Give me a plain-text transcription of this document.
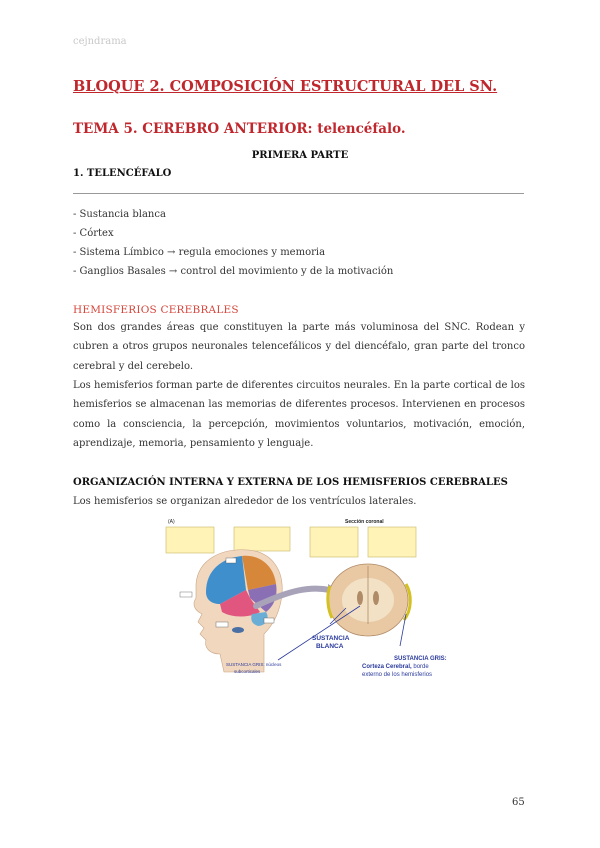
cejndrama
BLOQUE 2. COMPOSICIÓN ESTRUCTURAL DEL SN.
TEMA 5. CEREBRO ANTERIOR: telencéfalo.
PRIMERA PARTE
1. TELENCÉFALO
- Sustancia blanca
- Córtex
- Sistema Límbico → regula emociones y memoria
- Ganglios Basales → control del movimiento y de la motivación
HEMISFERIOS CEREBRALES
Son dos grandes áreas que constituyen la parte más voluminosa del SNC. Rodean y cubren a otros grupos neuronales telencefálicos y del diencéfalo, gran parte del tronco cerebral y del cerebelo.
Los hemisferios forman parte de diferentes circuitos neurales. En la parte cortical de los hemisferios se almacenan las memorias de diferentes procesos. Intervienen en procesos como la consciencia, la percepción, movimientos voluntarios, motivación, emoción, aprendizaje, memoria, pensamiento y lenguaje.
ORGANIZACIÓN INTERNA Y EXTERNA DE LOS HEMISFERIOS CEREBRALES
Los hemisferios se organizan alrededor de los ventrículos laterales.
(A)	Sección coronal
SUSTANCIA
BLANCA
SUSTANCIA GRIS:
Corteza Cerebral, borde
externo de los hemisferios
SUSTANCIA GRIS: núcleos
subcorticales
65
